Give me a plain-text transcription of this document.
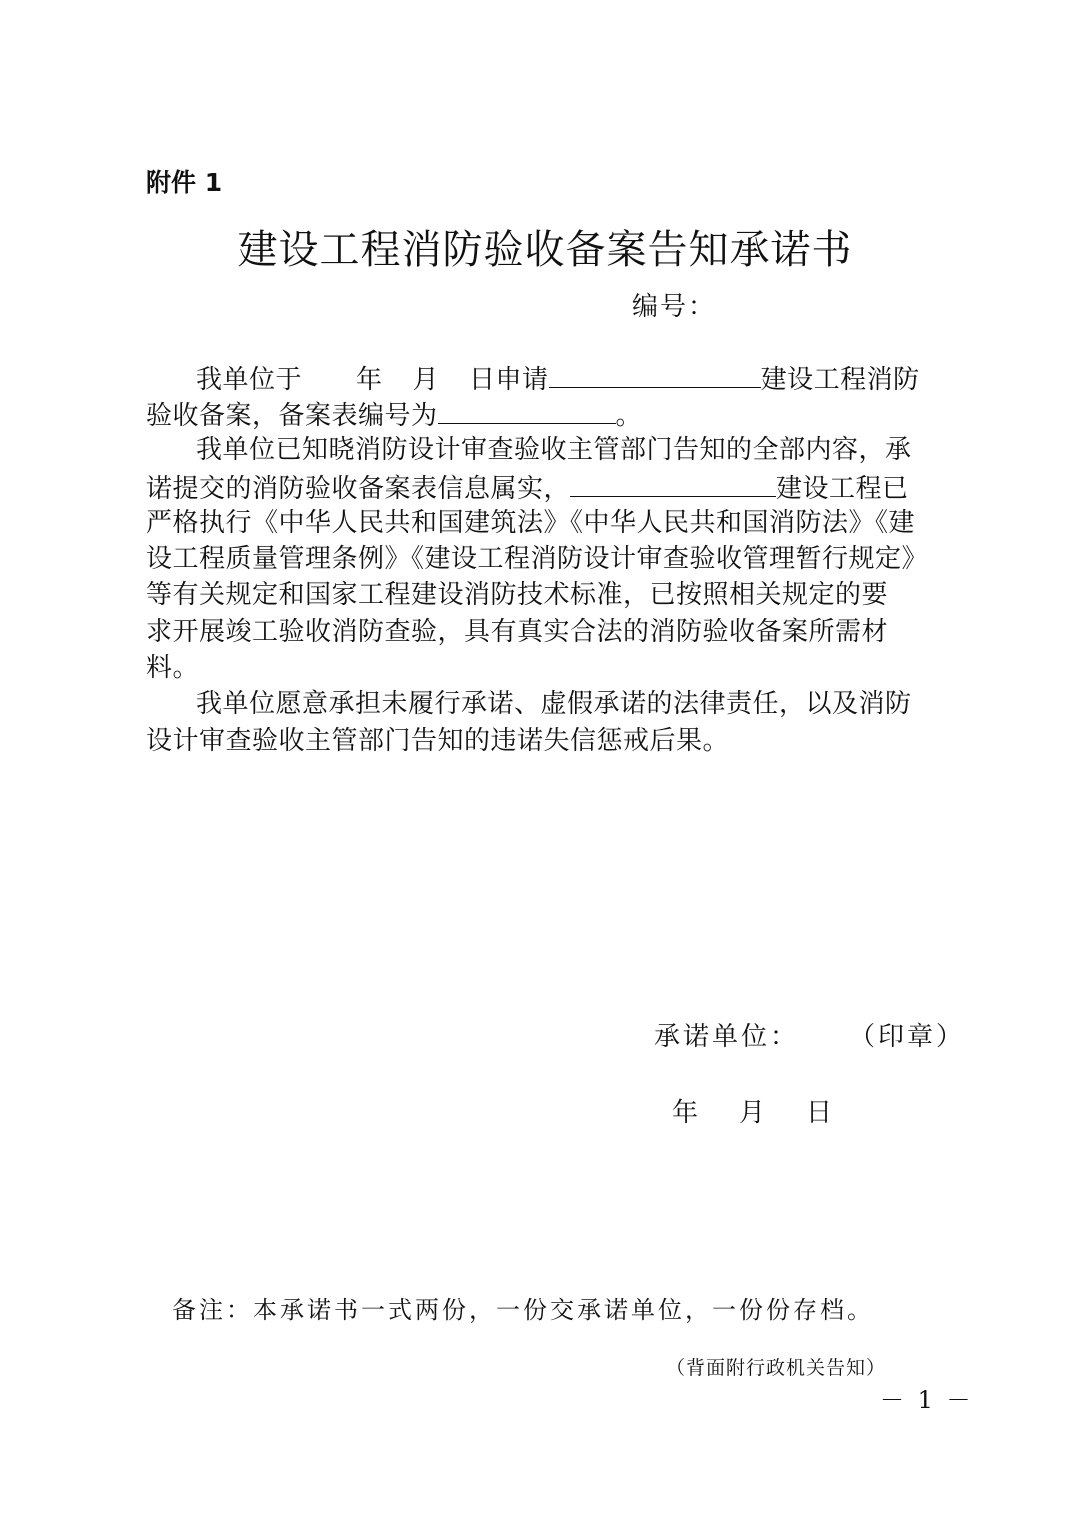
附件 1
建设工程消防验收备案告知承诺书
编号：
我单位于 年 月 日申请	建设工程消防
验收备案，备案表编号为	。
我单位已知晓消防设计审查验收主管部门告知的全部内容，承
诺提交的消防验收备案表信息属实，	建设工程已
严格执行《中华人民共和国建筑法》《中华人民共和国消防法》《建
设工程质量管理条例》《建设工程消防设计审查验收管理暂行规定》
等有关规定和国家工程建设消防技术标准，已按照相关规定的要
求开展竣工验收消防查验，具有真实合法的消防验收备案所需材
料。
我单位愿意承担未履行承诺、虚假承诺的法律责任，以及消防
设计审查验收主管部门告知的违诺失信惩戒后果。
承诺单位： （印章）
年 月 日
备注：本承诺书一式两份，一份交承诺单位，一份份存档。
（背面附行政机关告知）
－ 1 －
